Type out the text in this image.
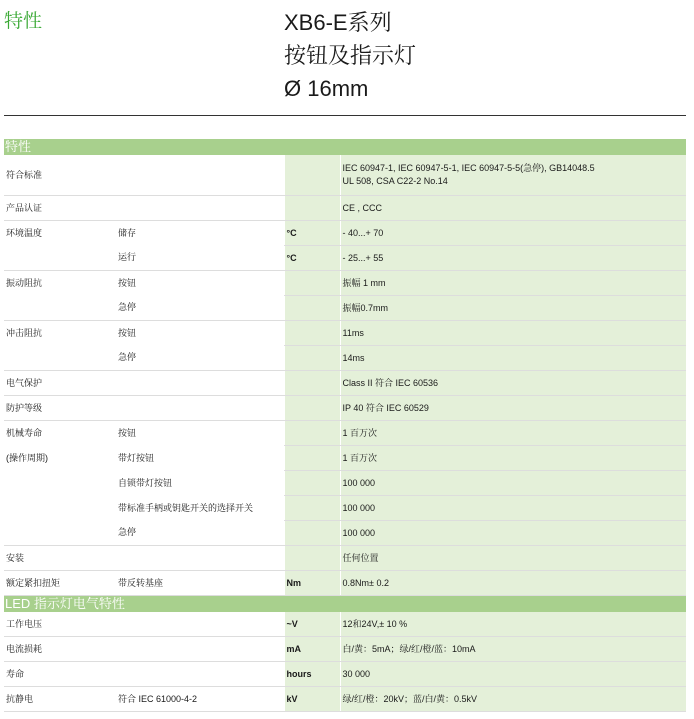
特性	XB6-E系列
按钮及指示灯
Ø 16mm
特性			
符合标准			IEC 60947-1, IEC 60947-5-1, IEC 60947-5-5(急停), GB14048.5
UL 508, CSA C22-2 No.14

产品认证			CE , CCC
环境温度	储存	°C	- 40...+ 70
	运行	°C	- 25...+ 55
振动阻抗	按钮		振幅 1 mm
	急停		振幅0.7mm
冲击阻抗	按钮		11ms
	急停		14ms
电气保护			Class II 符合 IEC 60536
防护等级			IP 40 符合 IEC 60529
机械寿命	按钮		1 百万次
(操作周期)	带灯按钮		1 百万次
	自锁带灯按钮		100 000
	带标准手柄或钥匙开关的选择开关		100 000
	急停		100 000
安装			任何位置
额定紧扣扭矩	带反转基座	Nm	0.8Nm± 0.2
LED 指示灯电气特性			
工作电压		~V	12和24V,± 10 %
电流损耗		mA	白/黄：5mA；绿/红/橙/蓝：10mA
寿命		hours	30 000
抗静电	符合 IEC 61000-4-2	kV	绿/红/橙：20kV；蓝/白/黄：0.5kV
